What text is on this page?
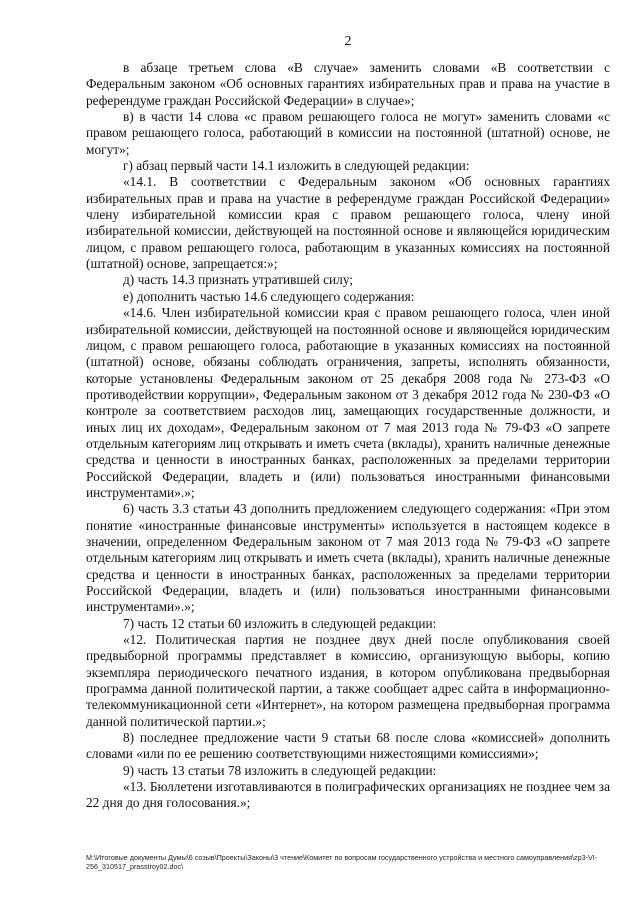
2

в абзаце третьем слова «В случае» заменить словами «В соответствии с Федеральным законом «Об основных гарантиях избирательных прав и права на участие в референдуме граждан Российской Федерации» в случае»;

в) в части 14 слова «с правом решающего голоса не могут» заменить словами «с правом решающего голоса, работающий в комиссии на постоянной (штатной) основе, не могут»;

г) абзац первый части 14.1 изложить в следующей редакции:

«14.1. В соответствии с Федеральным законом «Об основных гарантиях избирательных прав и права на участие в референдуме граждан Российской Федерации» члену избирательной комиссии края с правом решающего голоса, члену иной избирательной комиссии, действующей на постоянной основе и являющейся юридическим лицом, с правом решающего голоса, работающим в указанных комиссиях на постоянной (штатной) основе, запрещается:»;

д) часть 14.3 признать утратившей силу;

е) дополнить частью 14.6 следующего содержания:

«14.6. Член избирательной комиссии края с правом решающего голоса, член иной избирательной комиссии, действующей на постоянной основе и являющейся юридическим лицом, с правом решающего голоса, работающие в указанных комиссиях на постоянной (штатной) основе, обязаны соблюдать ограничения, запреты, исполнять обязанности, которые установлены Федеральным законом от 25 декабря 2008 года № 273-ФЗ «О противодействии коррупции», Федеральным законом от 3 декабря 2012 года № 230-ФЗ «О контроле за соответствием расходов лиц, замещающих государственные должности, и иных лиц их доходам», Федеральным законом от 7 мая 2013 года № 79-ФЗ «О запрете отдельным категориям лиц открывать и иметь счета (вклады), хранить наличные денежные средства и ценности в иностранных банках, расположенных за пределами территории Российской Федерации, владеть и (или) пользоваться иностранными финансовыми инструментами».»;

6) часть 3.3 статьи 43 дополнить предложением следующего содержания: «При этом понятие «иностранные финансовые инструменты» используется в настоящем кодексе в значении, определенном Федеральным законом от 7 мая 2013 года № 79-ФЗ «О запрете отдельным категориям лиц открывать и иметь счета (вклады), хранить наличные денежные средства и ценности в иностранных банках, расположенных за пределами территории Российской Федерации, владеть и (или) пользоваться иностранными финансовыми инструментами».»;

7) часть 12 статьи 60 изложить в следующей редакции:

«12. Политическая партия не позднее двух дней после опубликования своей предвыборной программы представляет в комиссию, организующую выборы, копию экземпляра периодического печатного издания, в котором опубликована предвыборная программа данной политической партии, а также сообщает адрес сайта в информационно-телекоммуникационной сети «Интернет», на котором размещена предвыборная программа данной политической партии.»;

8) последнее предложение части 9 статьи 68 после слова «комиссией» дополнить словами «или по ее решению соответствующими нижестоящими комиссиями»;

9) часть 13 статьи 78 изложить в следующей редакции:

«13. Бюллетени изготавливаются в полиграфических организациях не позднее чем за 22 дня до дня голосования.»;

M:\Итоговые документы Думы\6 созыв\Проекты\Законы\3 чтение\Комитет по вопросам государственного устройства и местного самоуправления\zp3-VI-256_310517_prasstroy02.doc\
